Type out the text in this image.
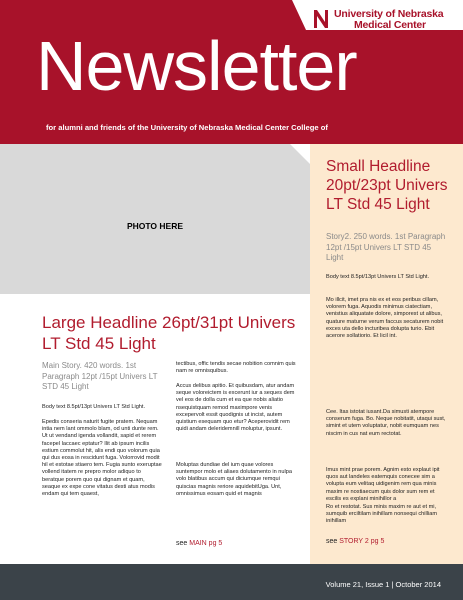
University of Nebraska
Medical Center
Newsletter
for alumni and friends of the University of Nebraska Medical Center College of
PHOTO HERE
Small Headline 20pt/23pt Univers LT Std 45 Light
Story2. 250 words. 1st Paragraph 12pt /15pt Univers LT STD 45 Light
Body text 8.5pt/13pt Univers LT Std Light.
Mo illcit, imet pra nis ex et eos peribus cillam, volorem fuga. Aquodis minimus ciatectiam, venistius aliquatate dolore, simporest ut alibus, quature maturne verum faccus secaturem nobit exces uta dello incturibea dolupta turio. Ebit acerore sollatiorio. Et licil int.
Cee. Itas istotat iusant.Da simusti atempore conserum fuga. Bo. Neque nobitatit, utaqui sust, simint et utem voluptatur, nobit eumquam nes niscim in cus nat eum rectotat.
Imus mint prae porem. Agnim esto explaut ipit quos aut landeles eatemquis conecee sim a volupta eum velitaq uidigenim rem qua minis maxim re nostiaecum quis dolor sum rem et escilis es explani minihillor a
Ro et restotat. Sus minis maxim re aut et mi, sumquib erciltilam inihillam nonsequi chilliam inihillam
see STORY 2 pg 5
Large Headline 26pt/31pt Univers LT Std 45 Light
Main Story. 420 words. 1st Paragraph 12pt /15pt Univers LT STD 45 Light
Body text 8.5pt/13pt Univers LT Std Light.
Epedis conseria naturit fugite pratem. Nequam intia nem lant ommolo blam, od unti dunte rem. Ut ut vendand igenda vollandit, sapid et rerem facepel laccaec eptatur? Ilit ab ipsum incilis estium commolut hit, alis endi quo volorum quia qui dus eosa in rescidunt fuga. Volorrovid modit hil et estotae stiaero tem. Fugia sunto exeruptae vollend itatem re prepro molor adiquo to beratque porem quo qui dignam et quam, seaque ex expe cone vitatus desti atus modis endam qui tem quaest,
tectibus, offic tendis secae nobition comnim quis nam re omnisquibus.
Accus delibus apitio. Et quibusdam, atur andam seque voloreictem is excerunt iur a seques dem vel eos de dolla cum et ea que nobis aliatio nsequistquam remod maximpore venis excepervolt essit quodignis ut incist, autem quistium esequam quo etur? Aceperovidit rem quidi andam deleridemnill moluptur, ipsunt.
Moluptas dundiae del ium quae volores suntempor molo et aliaes dolutamento in nulpa volo blatibus accum qui diciumque remqui quiscias magnis reriore aquidebitUga. Unt, omnissimus eosam quid et magnis
see MAIN pg 5
Volume 21, Issue 1 | October 2014
